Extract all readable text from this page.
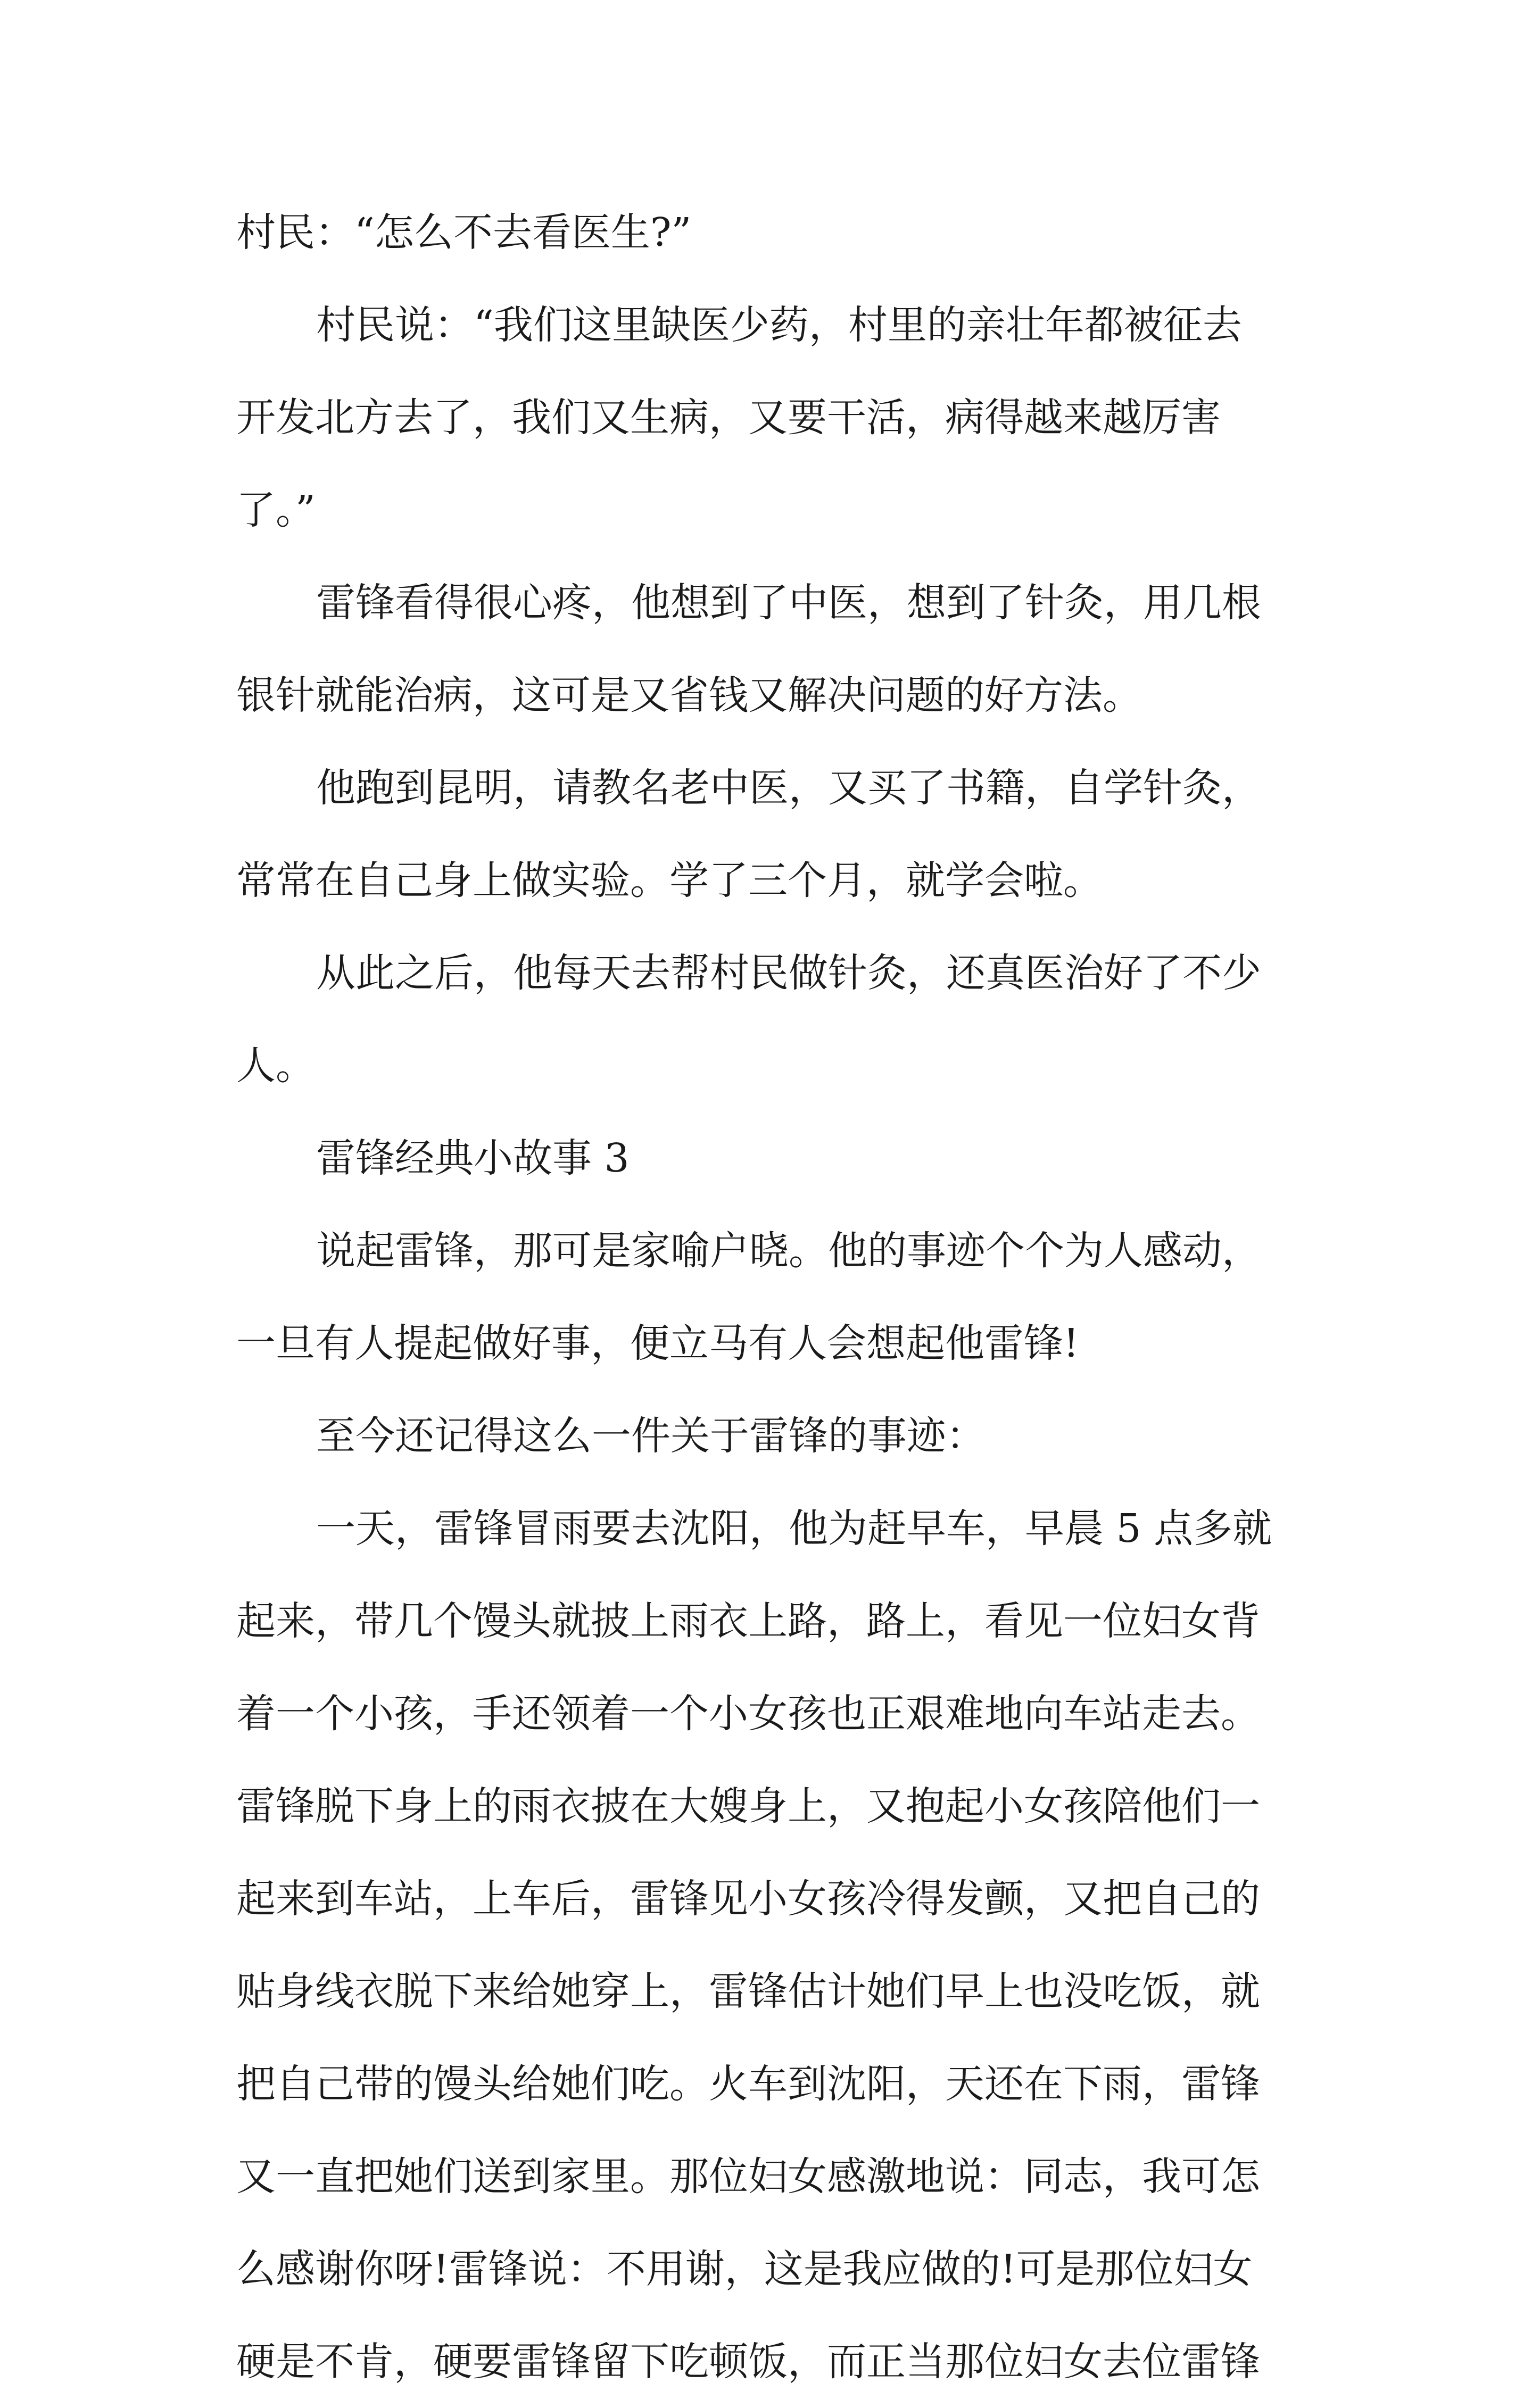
村民：“怎么不去看医生?”
村民说：“我们这里缺医少药，村里的亲壮年都被征去
开发北方去了，我们又生病，又要干活，病得越来越厉害
了。”
雷锋看得很心疼，他想到了中医，想到了针灸，用几根
银针就能治病，这可是又省钱又解决问题的好方法。
他跑到昆明，请教名老中医，又买了书籍，自学针灸，
常常在自己身上做实验。学了三个月，就学会啦。
从此之后，他每天去帮村民做针灸，还真医治好了不少
人。
雷锋经典小故事 3
说起雷锋，那可是家喻户晓。他的事迹个个为人感动，
一旦有人提起做好事，便立马有人会想起他雷锋!
至今还记得这么一件关于雷锋的事迹：
一天，雷锋冒雨要去沈阳，他为赶早车，早晨 5 点多就
起来，带几个馒头就披上雨衣上路，路上，看见一位妇女背
着一个小孩，手还领着一个小女孩也正艰难地向车站走去。
雷锋脱下身上的雨衣披在大嫂身上，又抱起小女孩陪他们一
起来到车站，上车后，雷锋见小女孩冷得发颤，又把自己的
贴身线衣脱下来给她穿上，雷锋估计她们早上也没吃饭，就
把自己带的馒头给她们吃。火车到沈阳，天还在下雨，雷锋
又一直把她们送到家里。那位妇女感激地说：同志，我可怎
么感谢你呀!雷锋说：不用谢，这是我应做的!可是那位妇女
硬是不肯，硬要雷锋留下吃顿饭，而正当那位妇女去位雷锋
